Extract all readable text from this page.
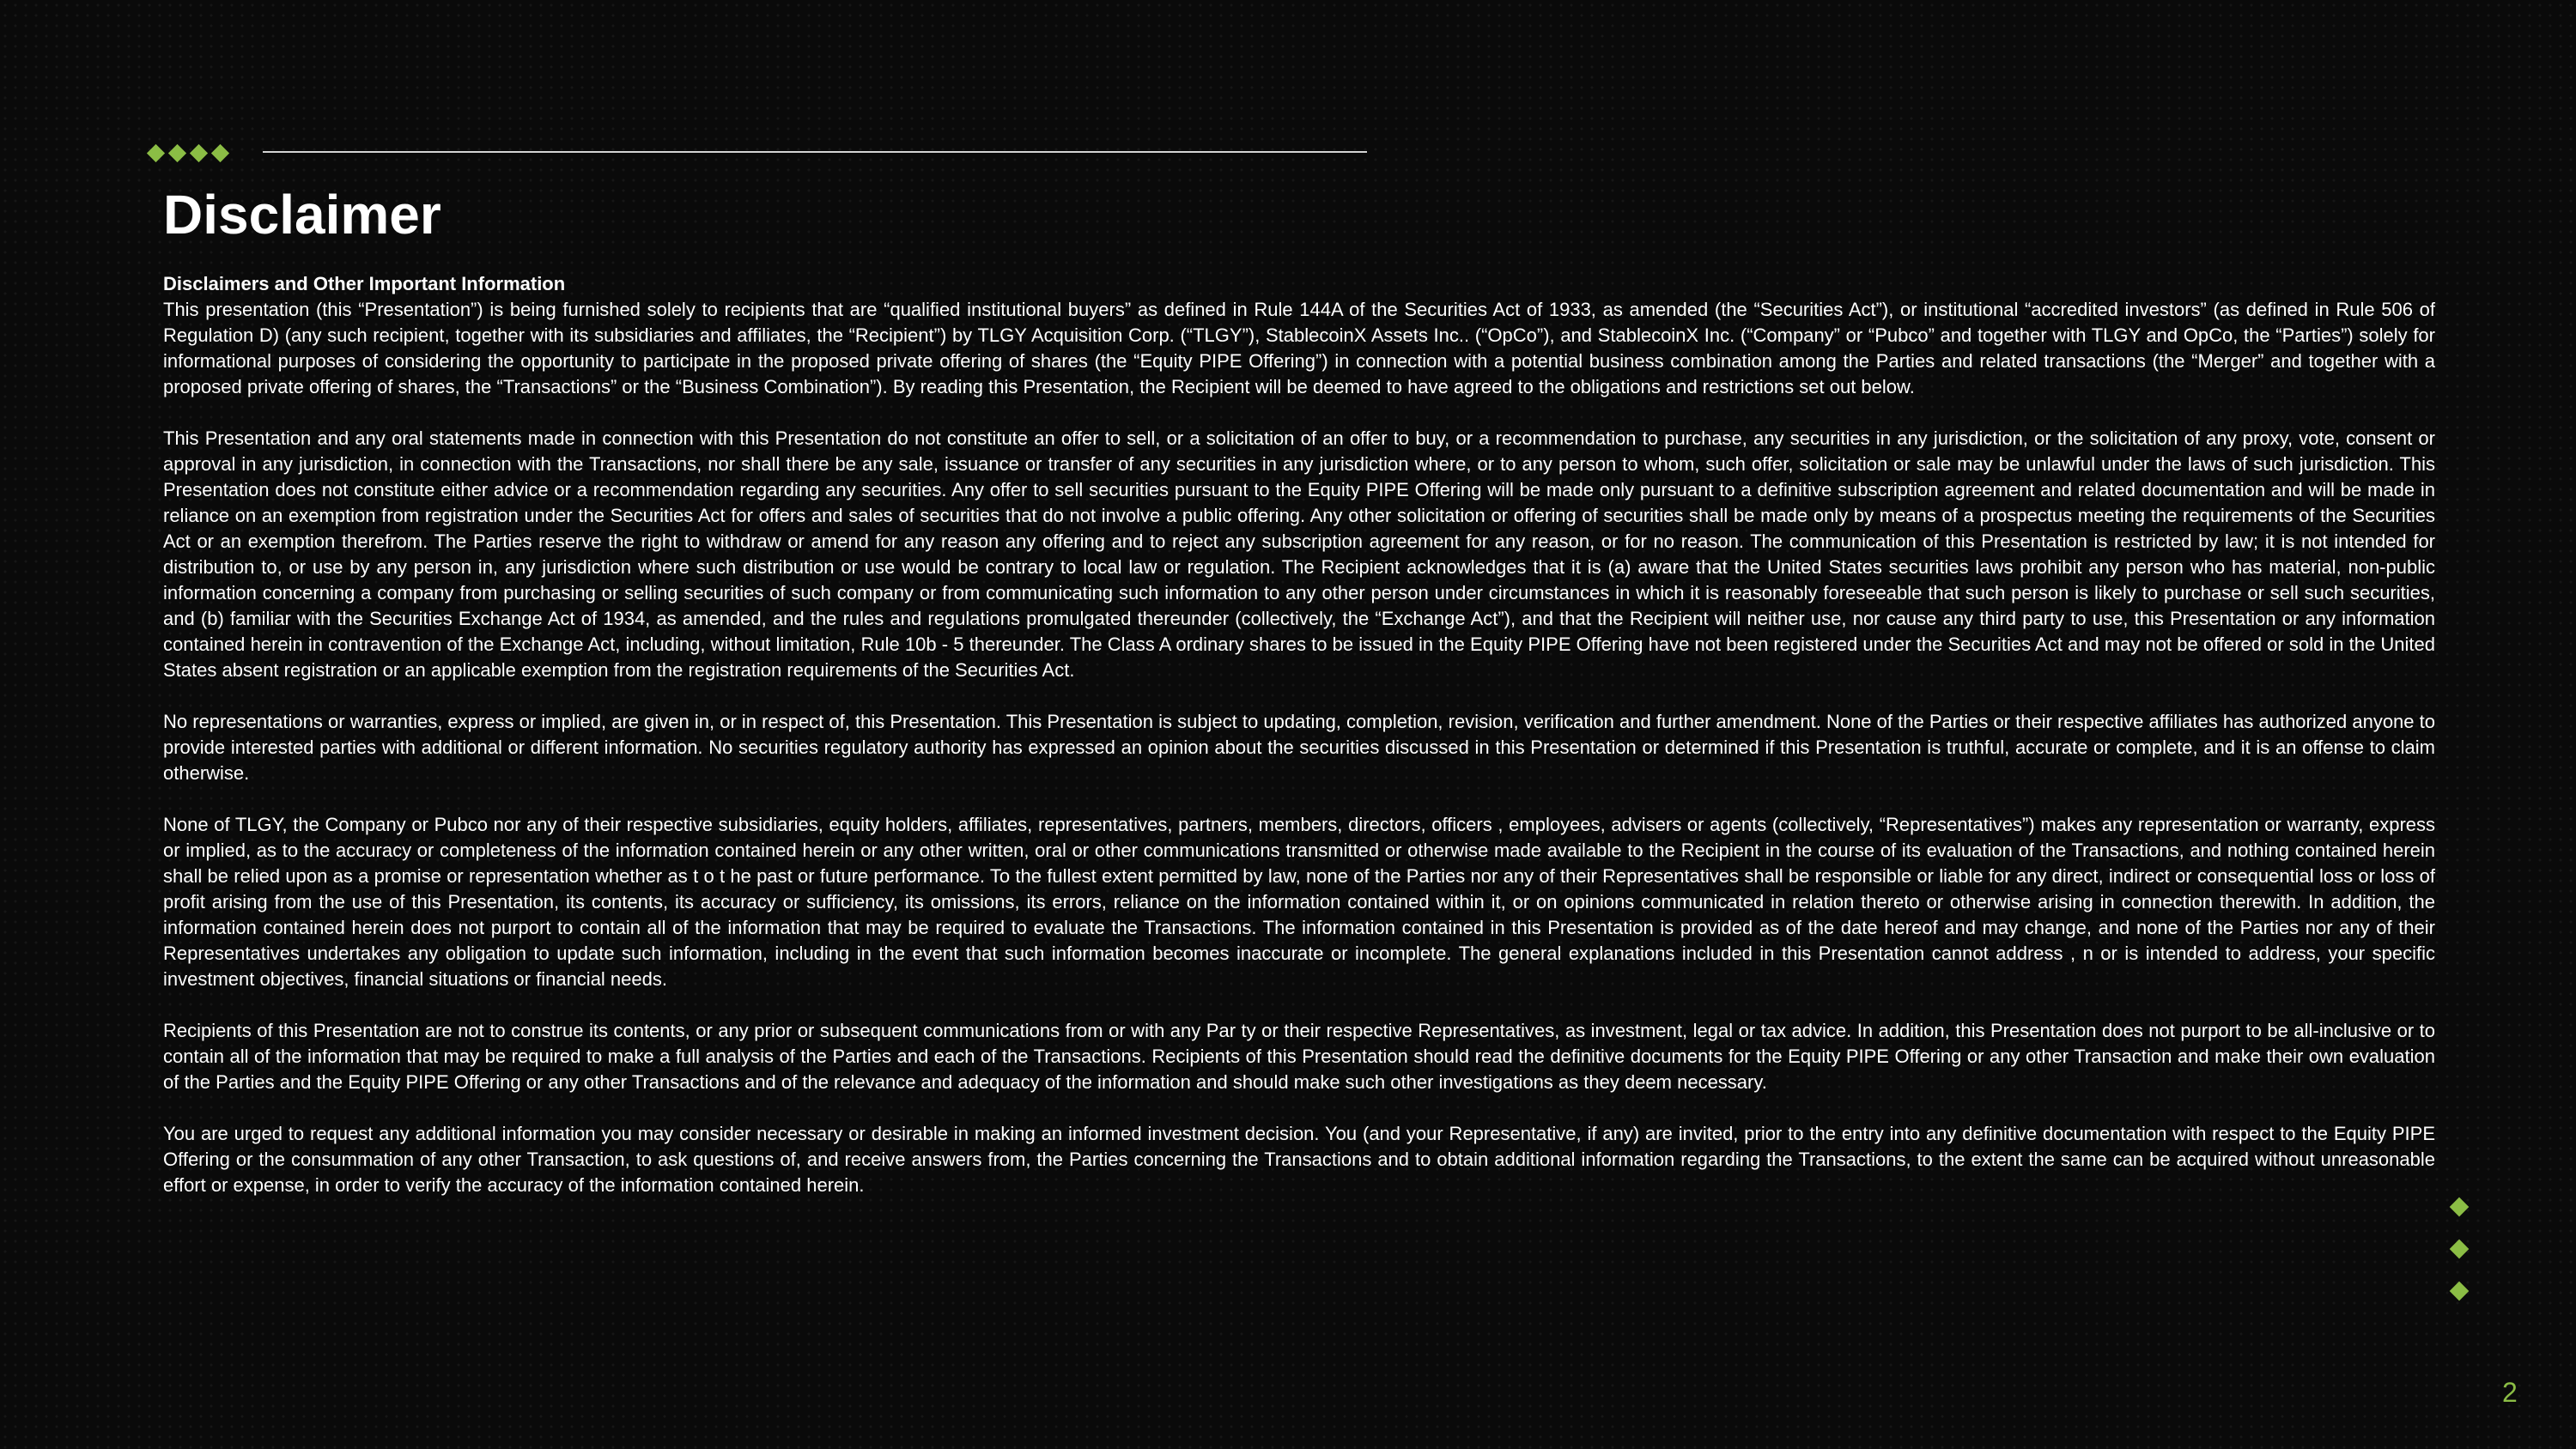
Disclaimer

Disclaimers and Other Important Information

This presentation (this “Presentation”) is being furnished solely to recipients that are “qualified institutional buyers” as defined in Rule 144A of the Securities Act of 1933, as amended (the “Securities Act”), or institutional “accredited investors” (as defined in Rule 506 of Regulation D) (any such recipient, together with its subsidiaries and affiliates, the “Recipient”) by TLGY Acquisition Corp. (“TLGY”), StablecoinX Assets Inc.. (“OpCo”), and StablecoinX Inc. (“Company” or “Pubco” and together with TLGY and OpCo, the “Parties”) solely for informational purposes of considering the opportunity to participate in the proposed private offering of shares (the “Equity PIPE Offering”) in connection with a potential business combination among the Parties and related transactions (the “Merger” and together with a proposed private offering of shares, the “Transactions” or the “Business Combination”). By reading this Presentation, the Recipient will be deemed to have agreed to the obligations and restrictions set out below.

This Presentation and any oral statements made in connection with this Presentation do not constitute an offer to sell, or a solicitation of an offer to buy, or a recommendation to purchase, any securities in any jurisdiction, or the solicitation of any proxy, vote, consent or approval in any jurisdiction, in connection with the Transactions, nor shall there be any sale, issuance or transfer of any securities in any jurisdiction where, or to any person to whom, such offer, solicitation or sale may be unlawful under the laws of such jurisdiction. This Presentation does not constitute either advice or a recommendation regarding any securities. Any offer to sell securities pursuant to the Equity PIPE Offering will be made only pursuant to a definitive subscription agreement and related documentation and will be made in reliance on an exemption from registration under the Securities Act for offers and sales of securities that do not involve a public offering. Any other solicitation or offering of securities shall be made only by means of a prospectus meeting the requirements of the Securities Act or an exemption therefrom. The Parties reserve the right to withdraw or amend for any reason any offering and to reject any subscription agreement for any reason, or for no reason. The communication of this Presentation is restricted by law; it is not intended for distribution to, or use by any person in, any jurisdiction where such distribution or use would be contrary to local law or regulation. The Recipient acknowledges that it is (a) aware that the United States securities laws prohibit any person who has material, non-public information concerning a company from purchasing or selling securities of such company or from communicating such information to any other person under circumstances in which it is reasonably foreseeable that such person is likely to purchase or sell such securities, and (b) familiar with the Securities Exchange Act of 1934, as amended, and the rules and regulations promulgated thereunder (collectively, the “Exchange Act”), and that the Recipient will neither use, nor cause any third party to use, this Presentation or any information contained herein in contravention of the Exchange Act, including, without limitation, Rule 10b - 5 thereunder. The Class A ordinary shares to be issued in the Equity PIPE Offering have not been registered under the Securities Act and may not be offered or sold in the United States absent registration or an applicable exemption from the registration requirements of the Securities Act.

No representations or warranties, express or implied, are given in, or in respect of, this Presentation. This Presentation is subject to updating, completion, revision, verification and further amendment. None of the Parties or their respective affiliates has authorized anyone to provide interested parties with additional or different information. No securities regulatory authority has expressed an opinion about the securities discussed in this Presentation or determined if this Presentation is truthful, accurate or complete, and it is an offense to claim otherwise.

None of TLGY, the Company or Pubco nor any of their respective subsidiaries, equity holders, affiliates, representatives, partners, members, directors, officers , employees, advisers or agents (collectively, “Representatives”) makes any representation or warranty, express or implied, as to the accuracy or completeness of the information contained herein or any other written, oral or other communications transmitted or otherwise made available to the Recipient in the course of its evaluation of the Transactions, and nothing contained herein shall be relied upon as a promise or representation whether as t o t he past or future performance. To the fullest extent permitted by law, none of the Parties nor any of their Representatives shall be responsible or liable for any direct, indirect or consequential loss or loss of profit arising from the use of this Presentation, its contents, its accuracy or sufficiency, its omissions, its errors, reliance on the information contained within it, or on opinions communicated in relation thereto or otherwise arising in connection therewith. In addition, the information contained herein does not purport to contain all of the information that may be required to evaluate the Transactions. The information contained in this Presentation is provided as of the date hereof and may change, and none of the Parties nor any of their Representatives undertakes any obligation to update such information, including in the event that such information becomes inaccurate or incomplete. The general explanations included in this Presentation cannot address , n or is intended to address, your specific investment objectives, financial situations or financial needs.

Recipients of this Presentation are not to construe its contents, or any prior or subsequent communications from or with any Par ty or their respective Representatives, as investment, legal or tax advice. In addition, this Presentation does not purport to be all-inclusive or to contain all of the information that may be required to make a full analysis of the Parties and each of the Transactions. Recipients of this Presentation should read the definitive documents for the Equity PIPE Offering or any other Transaction and make their own evaluation of the Parties and the Equity PIPE Offering or any other Transactions and of the relevance and adequacy of the information and should make such other investigations as they deem necessary.

You are urged to request any additional information you may consider necessary or desirable in making an informed investment decision. You (and your Representative, if any) are invited, prior to the entry into any definitive documentation with respect to the Equity PIPE Offering or the consummation of any other Transaction, to ask questions of, and receive answers from, the Parties concerning the Transactions and to obtain additional information regarding the Transactions, to the extent the same can be acquired without unreasonable effort or expense, in order to verify the accuracy of the information contained herein.

2
